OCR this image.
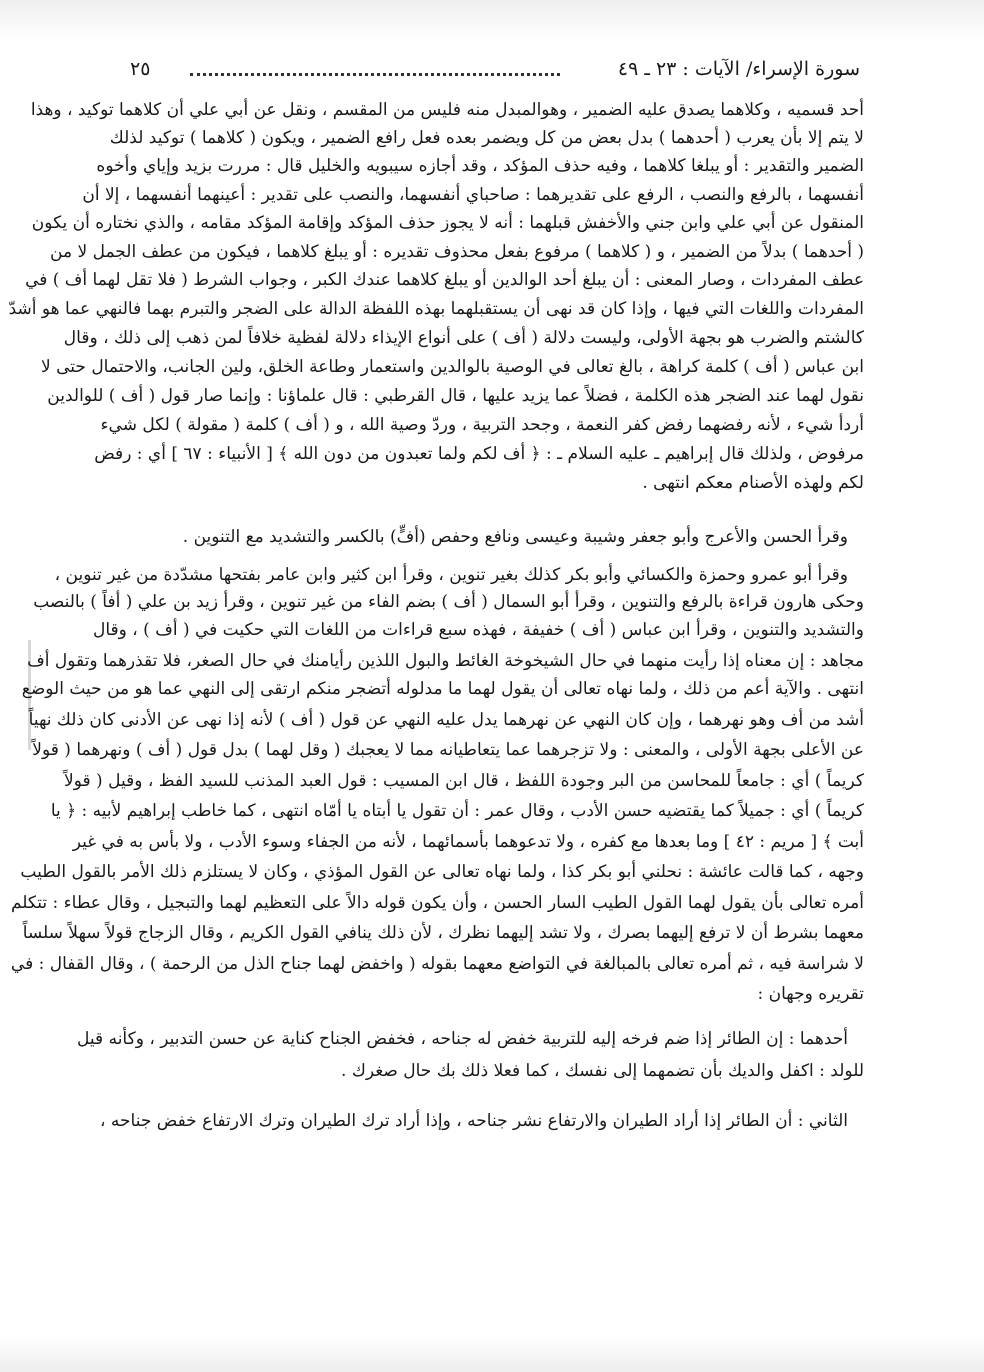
سورة الإسراء/ الآيات : ٢٣ ـ ٤٩
٢٥
أحد قسميه ، وكلاهما يصدق عليه الضمير ، وهوالمبدل منه فليس من المقسم ، ونقل عن أبي علي أن كلاهما توكيد ، وهذا
لا يتم إلا بأن يعرب ( أحدهما ) بدل بعض من كل ويضمر بعده فعل رافع الضمير ، ويكون ( كلاهما ) توكيد لذلك
الضمير والتقدير : أو يبلغا كلاهما ، وفيه حذف المؤكد ، وقد أجازه سيبويه والخليل قال : مررت بزيد وإياي وأخوه
أنفسهما ، بالرفع والنصب ، الرفع على تقديرهما : صاحباي أنفسهما، والنصب على تقدير : أعينهما أنفسهما ، إلا أن
المنقول عن أبي علي وابن جني والأخفش قبلهما : أنه لا يجوز حذف المؤكد وإقامة المؤكد مقامه ، والذي نختاره أن يكون
( أحدهما ) بدلاً من الضمير ، و ( كلاهما ) مرفوع بفعل محذوف تقديره : أو يبلغ كلاهما ، فيكون من عطف الجمل لا من
عطف المفردات ، وصار المعنى : أن يبلغ أحد الوالدين أو يبلغ كلاهما عندك الكبر ، وجواب الشرط ( فلا تقل لهما أف ) في
المفردات واللغات التي فيها ، وإذا كان قد نهى أن يستقبلهما بهذه اللفظة الدالة على الضجر والتبرم بهما فالنهي عما هو أشدّ
كالشتم والضرب هو بجهة الأولى، وليست دلالة ( أف ) على أنواع الإيذاء دلالة لفظية خلافاً لمن ذهب إلى ذلك ، وقال
ابن عباس ( أف ) كلمة كراهة ، بالغ تعالى في الوصية بالوالدين واستعمار وطاعة الخلق، ولين الجانب، والاحتمال حتى لا
نقول لهما عند الضجر هذه الكلمة ، فضلاً عما يزيد عليها ، قال القرطبي : قال علماؤنا : وإنما صار قول ( أف ) للوالدين
أردأ شيء ، لأنه رفضهما رفض كفر النعمة ، وجحد التربية ، وردّ وصية الله ، و ( أف ) كلمة ( مقولة ) لكل شيء
مرفوض ، ولذلك قال إبراهيم ـ عليه السلام ـ : ﴿ أف لكم ولما تعبدون من دون الله ﴾ [ الأنبياء : ٦٧ ] أي : رفض
لكم ولهذه الأصنام معكم انتهى .
وقرأ الحسن والأعرج وأبو جعفر وشيبة وعيسى ونافع وحفص (أفٍّ) بالكسر والتشديد مع التنوين .
وقرأ أبو عمرو وحمزة والكسائي وأبو بكر كذلك بغير تنوين ، وقرأ ابن كثير وابن عامر بفتحها مشدّدة من غير تنوين ،
وحكى هارون قراءة بالرفع والتنوين ، وقرأ أبو السمال ( أف ) بضم الفاء من غير تنوين ، وقرأ زيد بن علي ( أفاً ) بالنصب
والتشديد والتنوين ، وقرأ ابن عباس ( أف ) خفيفة ، فهذه سبع قراءات من اللغات التي حكيت في ( أف ) ، وقال
مجاهد : إن معناه إذا رأيت منهما في حال الشيخوخة الغائط والبول اللذين رأيامنك في حال الصغر، فلا تقذرهما وتقول أف
انتهى . والآية أعم من ذلك ، ولما نهاه تعالى أن يقول لهما ما مدلوله أتضجر منكم ارتقى إلى النهي عما هو من حيث الوضع
أشد من أف وهو نهرهما ، وإن كان النهي عن نهرهما يدل عليه النهي عن قول ( أف ) لأنه إذا نهى عن الأدنى كان ذلك نهياً
عن الأعلى بجهة الأولى ، والمعنى : ولا تزجرهما عما يتعاطيانه مما لا يعجبك ( وقل لهما ) بدل قول ( أف ) ونهرهما ( قولاً
كريماً ) أي : جامعاً للمحاسن من البر وجودة اللفظ ، قال ابن المسيب : قول العبد المذنب للسيد الفظ ، وقيل ( قولاً
كريماً ) أي : جميلاً كما يقتضيه حسن الأدب ، وقال عمر : أن تقول يا أبتاه يا أمّاه انتهى ، كما خاطب إبراهيم لأبيه : ﴿ يا
أبت ﴾ [ مريم : ٤٢ ] وما بعدها مع كفره ، ولا تدعوهما بأسمائهما ، لأنه من الجفاء وسوء الأدب ، ولا بأس به في غير
وجهه ، كما قالت عائشة : نحلني أبو بكر كذا ، ولما نهاه تعالى عن القول المؤذي ، وكان لا يستلزم ذلك الأمر بالقول الطيب
أمره تعالى بأن يقول لهما القول الطيب السار الحسن ، وأن يكون قوله دالاً على التعظيم لهما والتبجيل ، وقال عطاء : تتكلم
معهما بشرط أن لا ترفع إليهما بصرك ، ولا تشد إليهما نظرك ، لأن ذلك ينافي القول الكريم ، وقال الزجاج قولاً سهلاً سلساً
لا شراسة فيه ، ثم أمره تعالى بالمبالغة في التواضع معهما بقوله ( واخفض لهما جناح الذل من الرحمة ) ، وقال القفال : في
تقريره وجهان :
أحدهما : إن الطائر إذا ضم فرخه إليه للتربية خفض له جناحه ، فخفض الجناح كناية عن حسن التدبير ، وكأنه قيل
للولد : اكفل والديك بأن تضمهما إلى نفسك ، كما فعلا ذلك بك حال صغرك .
الثاني : أن الطائر إذا أراد الطيران والارتفاع نشر جناحه ، وإذا أراد ترك الطيران وترك الارتفاع خفض جناحه ،
